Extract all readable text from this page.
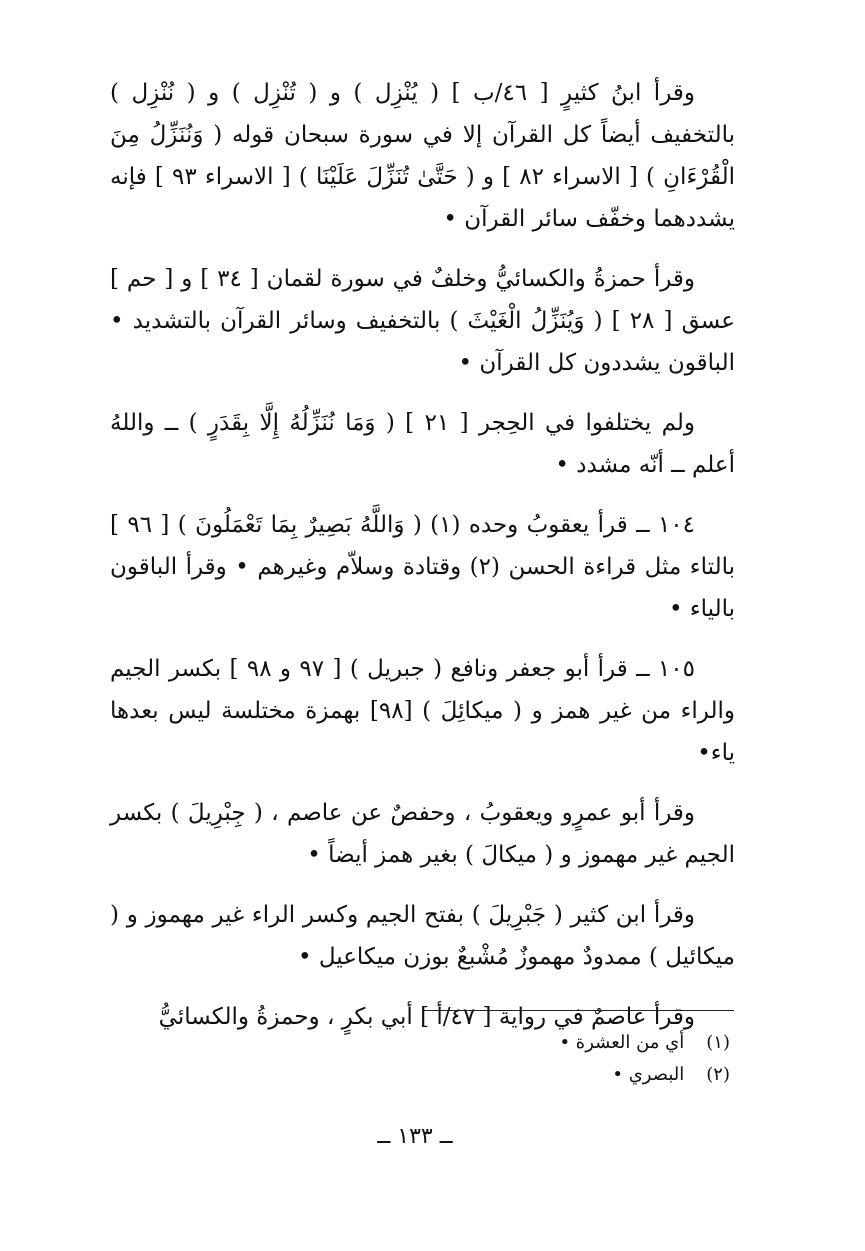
وقرأ ابنُ كثيرٍ [ ٤٦/ب ] ( يُنْزِل ) و ( تُنْزِل ) و ( نُنْزِل ) بالتخفيف أيضاً كل القرآن إلا في سورة سبحان قوله ( وَنُنَزِّلُ مِنَ الْقُرْءَانِ ) [ الاسراء ٨٢ ] و ( حَتَّىٰ تُنَزِّلَ عَلَيْنَا ) [ الاسراء ٩٣ ] فإنه يشددهما وخفّف سائر القرآن •

وقرأ حمزةُ والكسائيُّ وخلفٌ في سورة لقمان [ ٣٤ ] و [ حم ] عسق [ ٢٨ ] ( وَيُنَزِّلُ الْغَيْثَ ) بالتخفيف وسائر القرآن بالتشديد • الباقون يشددون كل القرآن •

ولم يختلفوا في الحِجر [ ٢١ ] ( وَمَا نُنَزِّلُهُ إِلَّا بِقَدَرٍ ) ــ واللهُ أعلم ــ أنّه مشدد •

١٠٤ ــ قرأ يعقوبُ وحده (١) ( وَاللَّهُ بَصِيرٌ بِمَا تَعْمَلُونَ ) [ ٩٦ ] بالتاء مثل قراءة الحسن (٢) وقتادة وسلاّم وغيرهم • وقرأ الباقون بالياء •

١٠٥ ــ قرأ أبو جعفر ونافع ( جبريل ) [ ٩٧ و ٩٨ ] بكسر الجيم والراء من غير همز و ( ميكائِلَ ) [٩٨] بهمزة مختلسة ليس بعدها ياء•

وقرأ أبو عمرٍو ويعقوبُ ، وحفصٌ عن عاصم ، ( جِبْرِيلَ ) بكسر الجيم غير مهموز و ( ميكالَ ) بغير همز أيضاً •

وقرأ ابن كثير ( جَبْرِيلَ ) بفتح الجيم وكسر الراء غير مهموز و ( ميكائيل ) ممدودٌ مهموزٌ مُشْبعٌ بوزن ميكاعيل •

وقرأ عاصمٌ في رواية [ ٤٧/أ ] أبي بكرٍ ، وحمزةُ والكسائيُّ

(١)أي من العشرة •

(٢)البصري •

ــ ١٣٣ ــ
